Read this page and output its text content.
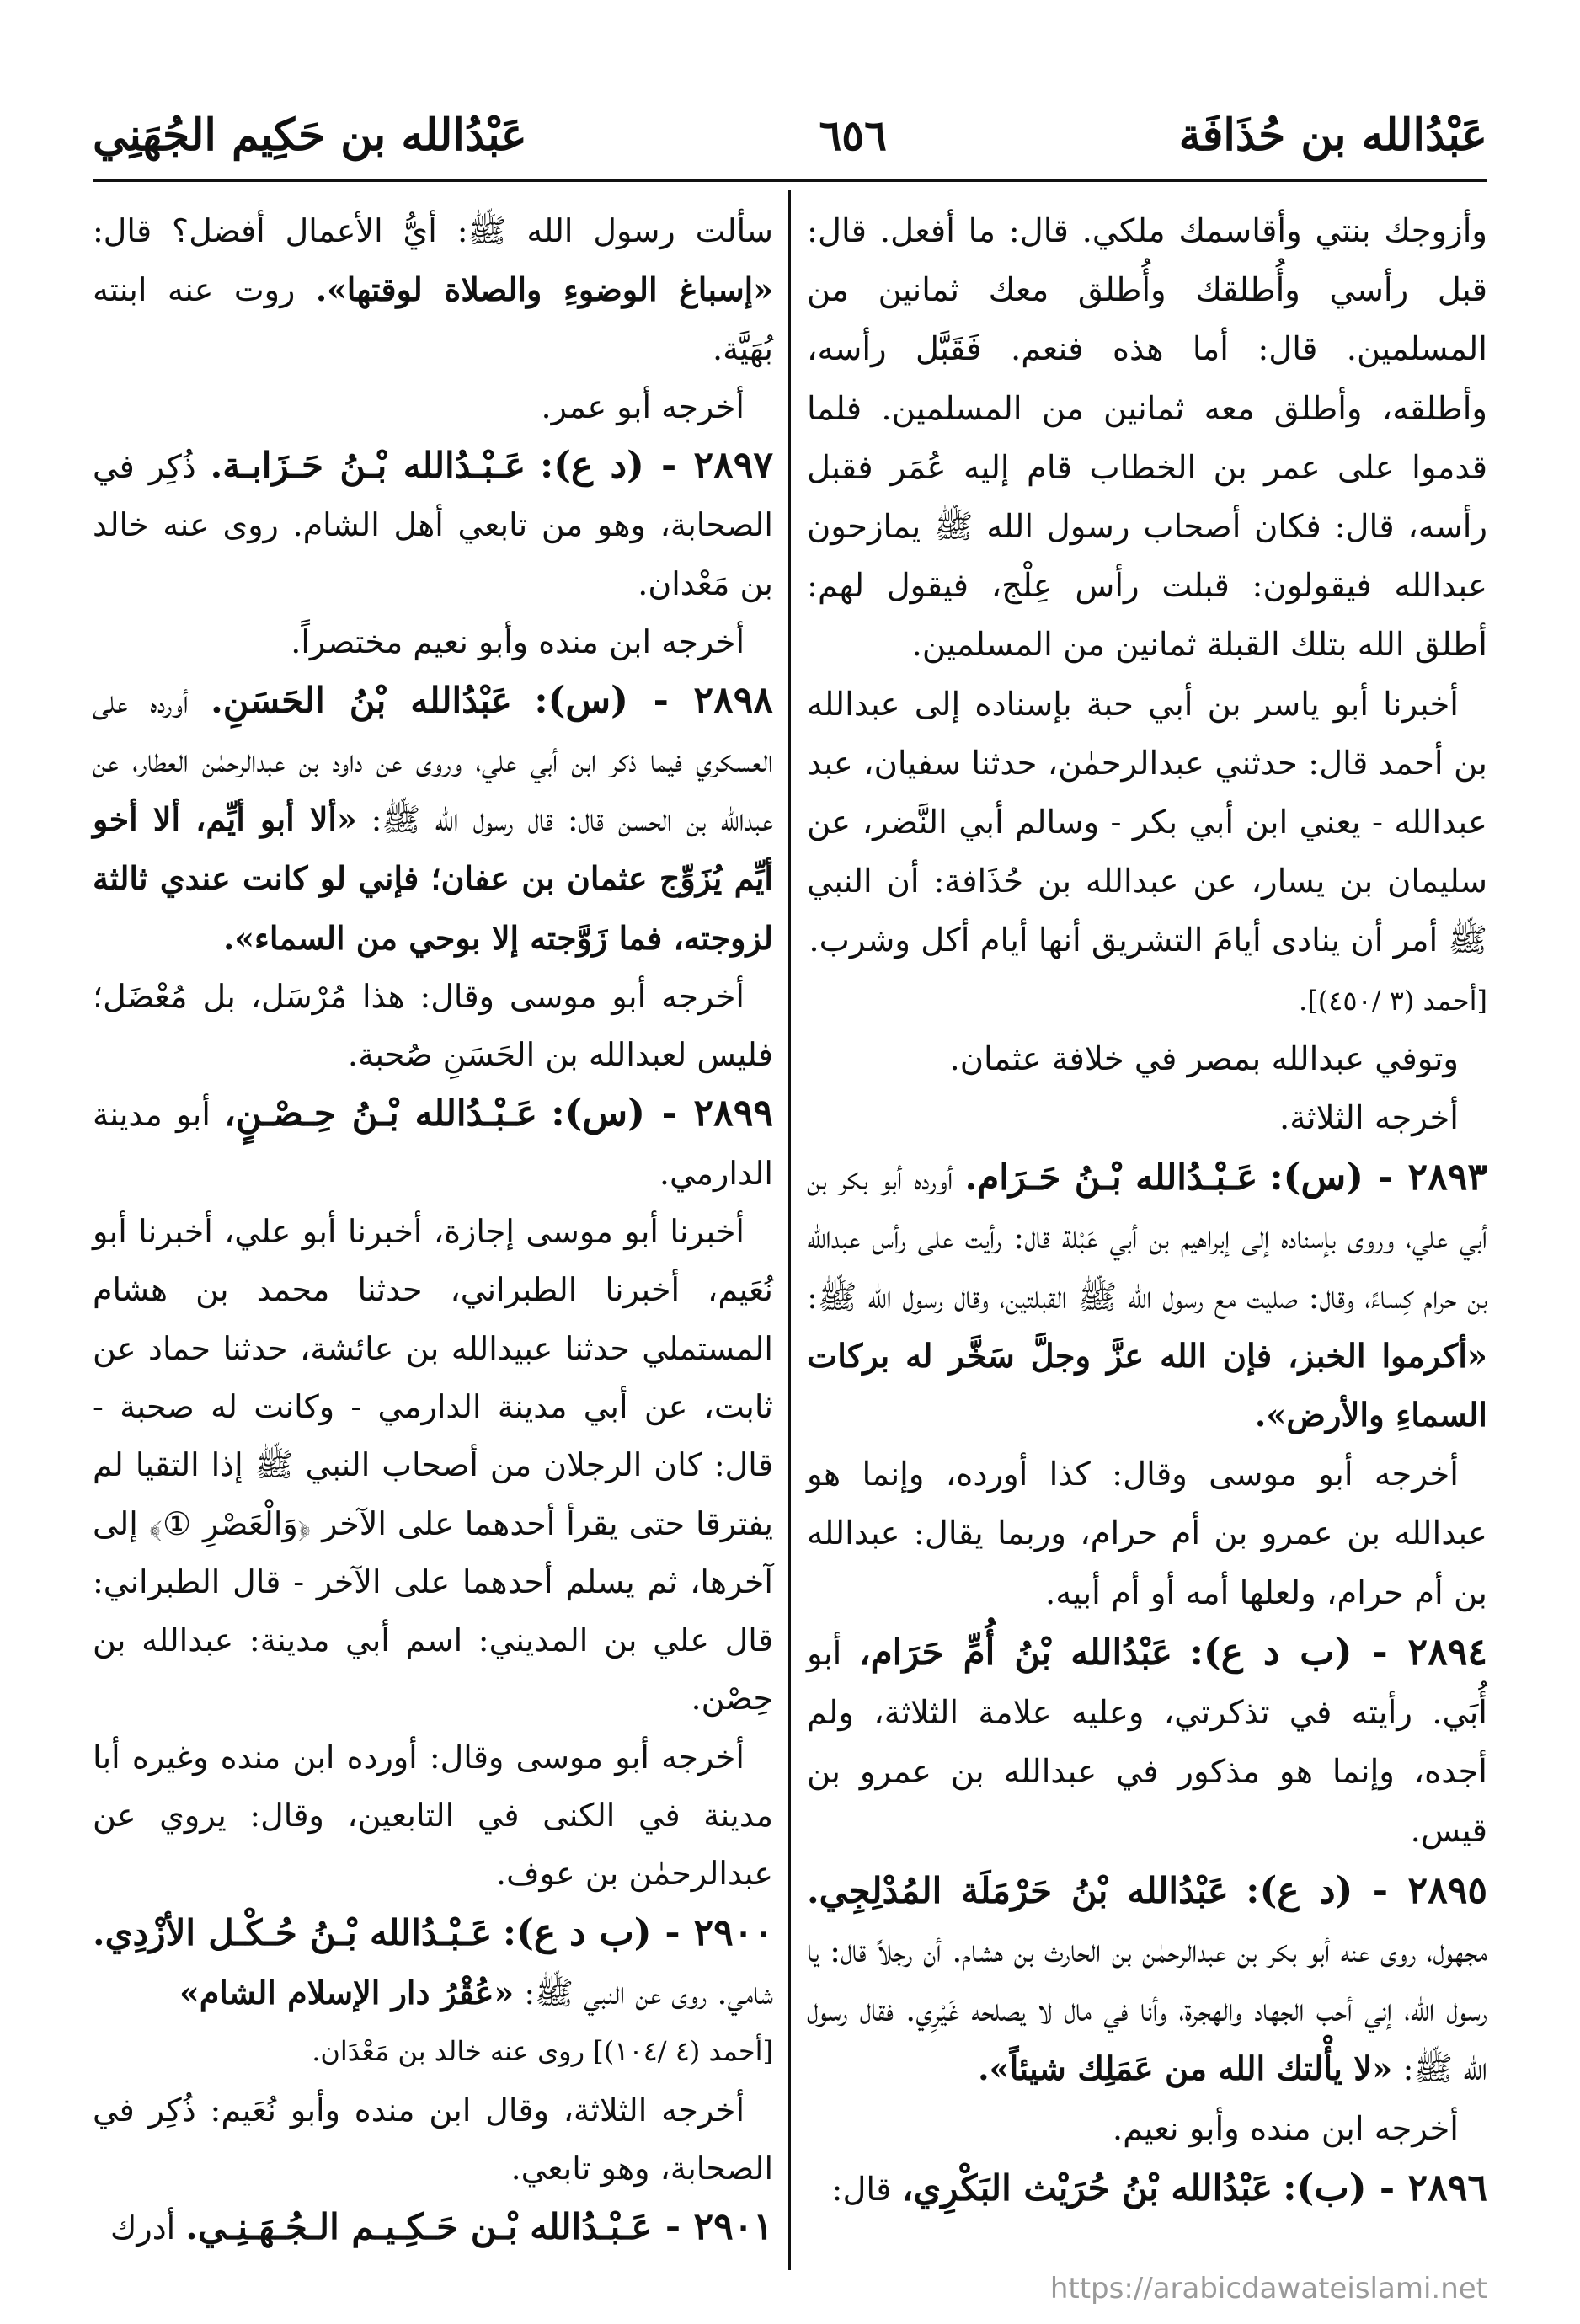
عَبْدُالله بن حَكِيم الجُهَنِي	٦٥٦	عَبْدُالله بن حُذَافَة

وأزوجك بنتي وأقاسمك ملكي. قال: ما أفعل. قال: قبل رأسي وأُطلقك وأُطلق معك ثمانين من المسلمين. قال: أما هذه فنعم. فَقَبَّل رأسه، وأطلقه، وأطلق معه ثمانين من المسلمين. فلما قدموا على عمر بن الخطاب قام إليه عُمَر فقبل رأسه، قال: فكان أصحاب رسول الله ﷺ يمازحون عبدالله فيقولون: قبلت رأس عِلْج، فيقول لهم: أطلق الله بتلك القبلة ثمانين من المسلمين.

أخبرنا أبو ياسر بن أبي حبة بإسناده إلى عبدالله بن أحمد قال: حدثني عبدالرحمٰن، حدثنا سفيان، عبد عبدالله - يعني ابن أبي بكر - وسالم أبي النَّضر، عن سليمان بن يسار، عن عبدالله بن حُذَافة: أن النبي ﷺ أمر أن ينادى أيامَ التشريق أنها أيام أكل وشرب.

[أحمد (٣ /٤٥٠)].

وتوفي عبدالله بمصر في خلافة عثمان.

أخرجه الثلاثة.

٢٨٩٣ - (س): عَـبْـدُالله بْـنُ حَـرَام. أورده أبو بكر بن أبي علي، وروى بإسناده إلى إبراهيم بن أبي عَبْلة قال: رأيت على رأس عبدالله بن حرام كِساءً، وقال: صليت مع رسول الله ﷺ القبلتين، وقال رسول الله ﷺ: «أكرموا الخبز، فإن الله عزَّ وجلَّ سَخَّر له بركات السماءِ والأرض».

أخرجه أبو موسى وقال: كذا أورده، وإنما هو عبدالله بن عمرو بن أم حرام، وربما يقال: عبدالله بن أم حرام، ولعلها أمه أو أم أبيه.

٢٨٩٤ - (ب د ع): عَبْدُالله بْنُ أُمِّ حَرَام، أبو أُبَي. رأيته في تذكرتي، وعليه علامة الثلاثة، ولم أجده، وإنما هو مذكور في عبدالله بن عمرو بن قيس.

٢٨٩٥ - (د ع): عَبْدُالله بْنُ حَرْمَلَة المُدْلِجِي. مجهول، روى عنه أبو بكر بن عبدالرحمٰن بن الحارث بن هشام. أن رجلاً قال: يا رسول الله، إني أحب الجهاد والهجرة، وأنا في مال لا يصلحه غَيْرِي. فقال رسول الله ﷺ: «لا يأْلتك الله من عَمَلِك شيئاً».

أخرجه ابن منده وأبو نعيم.

٢٨٩٦ - (ب): عَبْدُالله بْنُ حُرَيْث البَكْرِي، قال:

سألت رسول الله ﷺ: أيُّ الأعمال أفضل؟ قال: «إسباغ الوضوءِ والصلاة لوقتها». روت عنه ابنته بُهَيَّة.

أخرجه أبو عمر.

٢٨٩٧ - (د ع): عَـبْـدُالله بْـنُ حَـزَابـة. ذُكِر في الصحابة، وهو من تابعي أهل الشام. روى عنه خالد بن مَعْدان.

أخرجه ابن منده وأبو نعيم مختصراً.

٢٨٩٨ - (س): عَبْدُالله بْنُ الحَسَنِ. أورده على العسكري فيما ذكر ابن أبي علي، وروى عن داود بن عبدالرحمٰن العطار، عن عبدالله بن الحسن قال: قال رسول الله ﷺ: «ألا أبو أيِّم، ألا أخو أيِّم يُزَوِّج عثمان بن عفان؛ فإني لو كانت عندي ثالثة لزوجته، فما زَوَّجته إلا بوحي من السماء».

أخرجه أبو موسى وقال: هذا مُرْسَل، بل مُعْضَل؛ فليس لعبدالله بن الحَسَنِ صُحبة.

٢٨٩٩ - (س): عَـبْـدُالله بْـنُ حِـصْـنٍ، أبو مدينة الدارمي.

أخبرنا أبو موسى إجازة، أخبرنا أبو علي، أخبرنا أبو نُعَيم، أخبرنا الطبراني، حدثنا محمد بن هشام المستملي حدثنا عبيدالله بن عائشة، حدثنا حماد عن ثابت، عن أبي مدينة الدارمي - وكانت له صحبة - قال: كان الرجلان من أصحاب النبي ﷺ إذا التقيا لم يفترقا حتى يقرأ أحدهما على الآخر ﴿وَالْعَصْرِ ①﴾ إلى آخرها، ثم يسلم أحدهما على الآخر - قال الطبراني: قال علي بن المديني: اسم أبي مدينة: عبدالله بن حِصْن.

أخرجه أبو موسى وقال: أورده ابن منده وغيره أبا مدينة في الكنى في التابعين، وقال: يروي عن عبدالرحمٰن بن عوف.

٢٩٠٠ - (ب د ع): عَـبْـدُالله بْـنُ حُـكْـل الأزْدِي. شامي. روى عن النبي ﷺ: «عُقْرُ دار الإسلام الشام»

[أحمد (٤ /١٠٤)] روى عنه خالد بن مَعْدَان.

أخرجه الثلاثة، وقال ابن منده وأبو نُعَيم: ذُكِر في الصحابة، وهو تابعي.

٢٩٠١ - عَـبْـدُالله بْـن حَـكِـيـم الـجُـهَـنِـي. أدرك

https://arabicdawateislami.net
